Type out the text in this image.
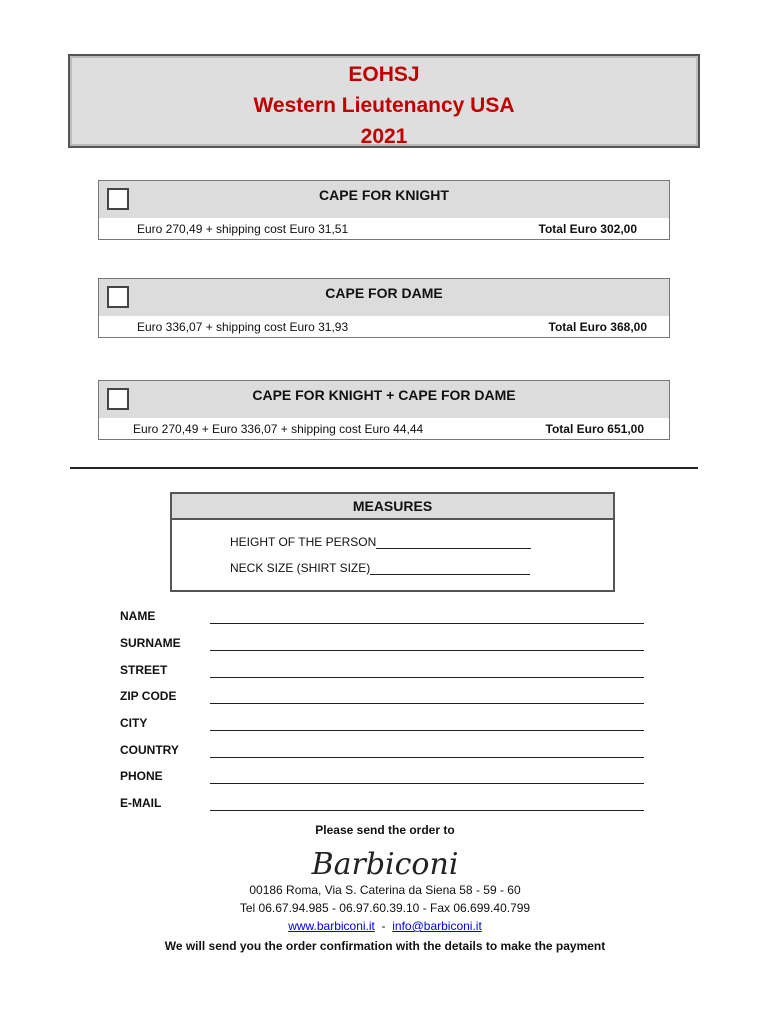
EOHSJ
Western Lieutenancy USA
2021
CAPE FOR KNIGHT
Euro 270,49 + shipping cost Euro 31,51	Total Euro 302,00
CAPE FOR DAME
Euro 336,07 + shipping cost Euro 31,93	Total Euro 368,00
CAPE FOR KNIGHT + CAPE FOR DAME
Euro 270,49 + Euro 336,07 + shipping cost Euro 44,44	Total Euro 651,00
MEASURES
HEIGHT OF THE PERSON
NECK SIZE (SHIRT SIZE)
NAME
SURNAME
STREET
ZIP CODE
CITY
COUNTRY
PHONE
E-MAIL
Please send the order to
Barbiconi
00186 Roma, Via S. Caterina da Siena 58 - 59 - 60
Tel 06.67.94.985 - 06.97.60.39.10 - Fax 06.699.40.799
www.barbiconi.it  -  info@barbiconi.it
We will send you the order confirmation with the details to make the payment
